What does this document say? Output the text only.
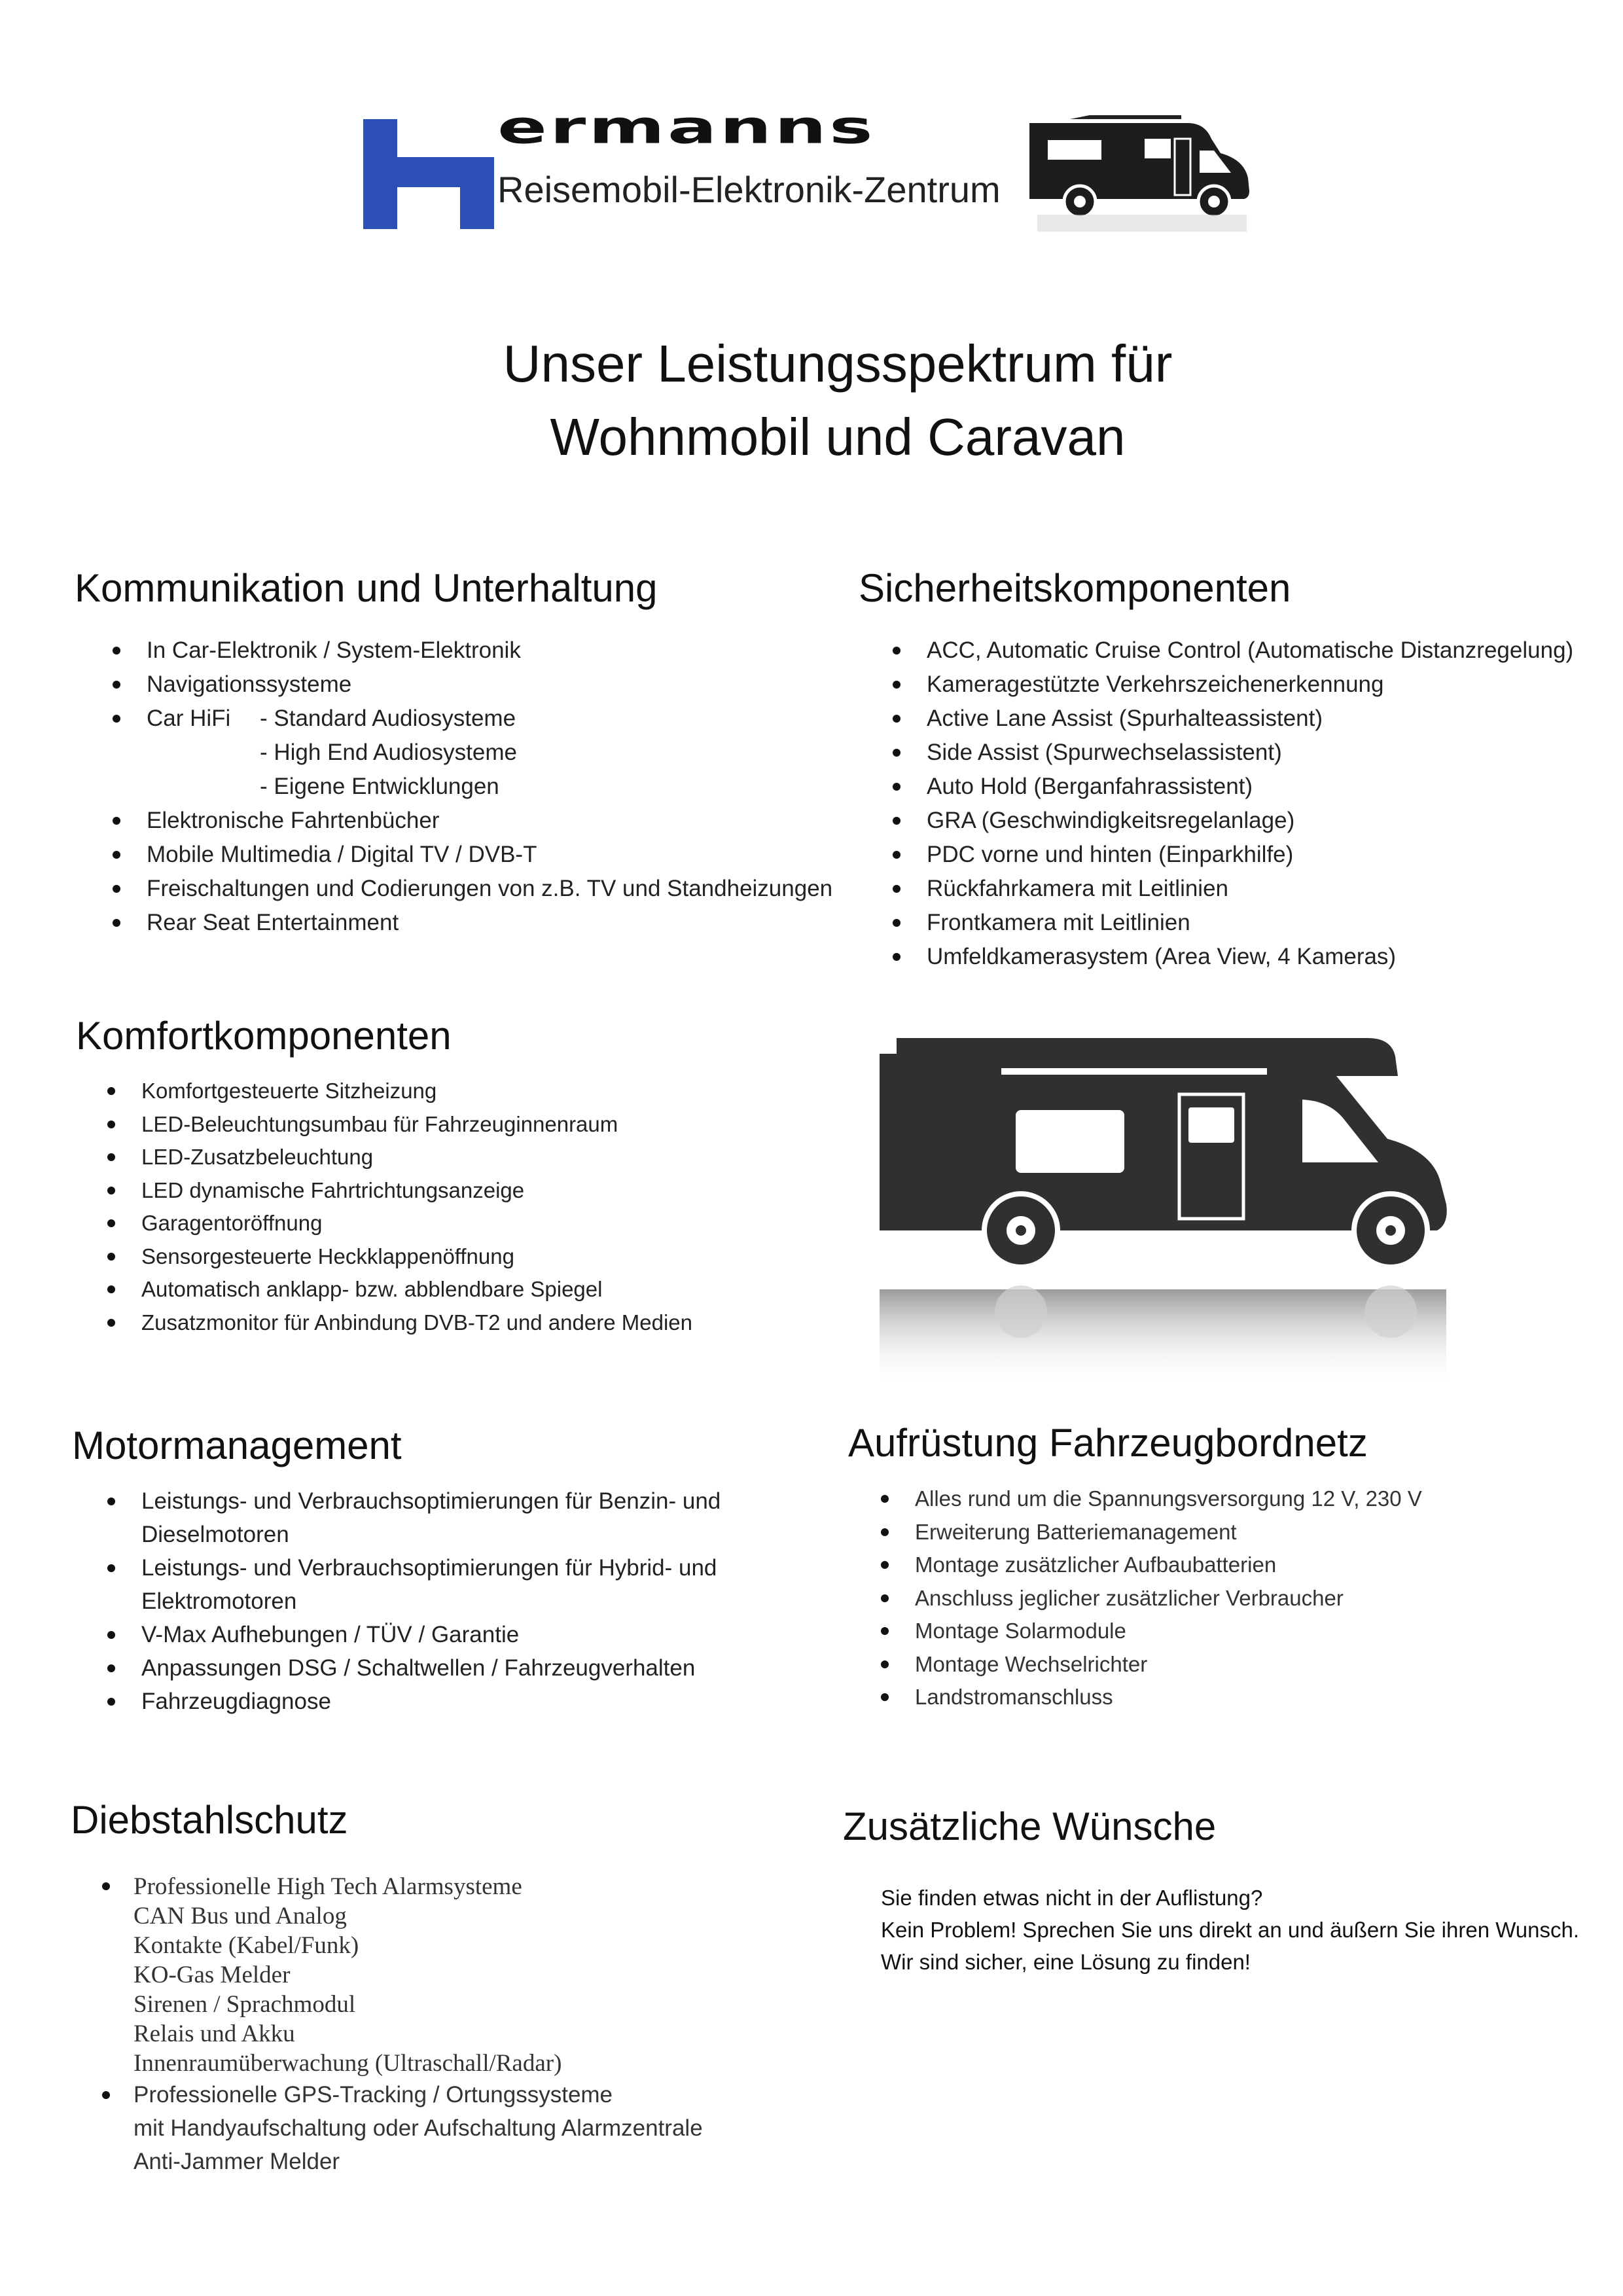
ermanns
Reisemobil-Elektronik-Zentrum
Unser Leistungsspektrum für
Wohnmobil und Caravan
Kommunikation und Unterhaltung
In Car-Elektronik / System-Elektronik
Navigationssysteme
Car HiFi - Standard Audiosysteme
- High End Audiosysteme
- Eigene Entwicklungen
Elektronische Fahrtenbücher
Mobile Multimedia / Digital TV / DVB-T
Freischaltungen und Codierungen von z.B. TV und Standheizungen
Rear Seat Entertainment
Sicherheitskomponenten
ACC, Automatic Cruise Control (Automatische Distanzregelung)
Kameragestützte Verkehrszeichenerkennung
Active Lane Assist (Spurhalteassistent)
Side Assist (Spurwechselassistent)
Auto Hold (Berganfahrassistent)
GRA (Geschwindigkeitsregelanlage)
PDC vorne und hinten (Einparkhilfe)
Rückfahrkamera mit Leitlinien
Frontkamera mit Leitlinien
Umfeldkamerasystem (Area View, 4 Kameras)
Komfortkomponenten
Komfortgesteuerte Sitzheizung
LED-Beleuchtungsumbau für Fahrzeuginnenraum
LED-Zusatzbeleuchtung
LED dynamische Fahrtrichtungsanzeige
Garagentoröffnung
Sensorgesteuerte Heckklappenöffnung
Automatisch anklapp- bzw. abblendbare Spiegel
Zusatzmonitor für Anbindung DVB-T2 und andere Medien
Motormanagement
Leistungs- und Verbrauchsoptimierungen für Benzin- und Dieselmotoren
Leistungs- und Verbrauchsoptimierungen für Hybrid- und Elektromotoren
V-Max Aufhebungen / TÜV / Garantie
Anpassungen DSG / Schaltwellen / Fahrzeugverhalten
Fahrzeugdiagnose
Aufrüstung Fahrzeugbordnetz
Alles rund um die Spannungsversorgung 12 V, 230 V
Erweiterung Batteriemanagement
Montage zusätzlicher Aufbaubatterien
Anschluss jeglicher zusätzlicher Verbraucher
Montage Solarmodule
Montage Wechselrichter
Landstromanschluss
Diebstahlschutz
Professionelle High Tech Alarmsysteme
CAN Bus und Analog
Kontakte (Kabel/Funk)
KO-Gas Melder
Sirenen / Sprachmodul
Relais und Akku
Innenraumüberwachung (Ultraschall/Radar)
Professionelle GPS-Tracking / Ortungssysteme
mit Handyaufschaltung oder Aufschaltung Alarmzentrale
Anti-Jammer Melder
Zusätzliche Wünsche
Sie finden etwas nicht in der Auflistung?
Kein Problem! Sprechen Sie uns direkt an und äußern Sie ihren Wunsch.
Wir sind sicher, eine Lösung zu finden!
